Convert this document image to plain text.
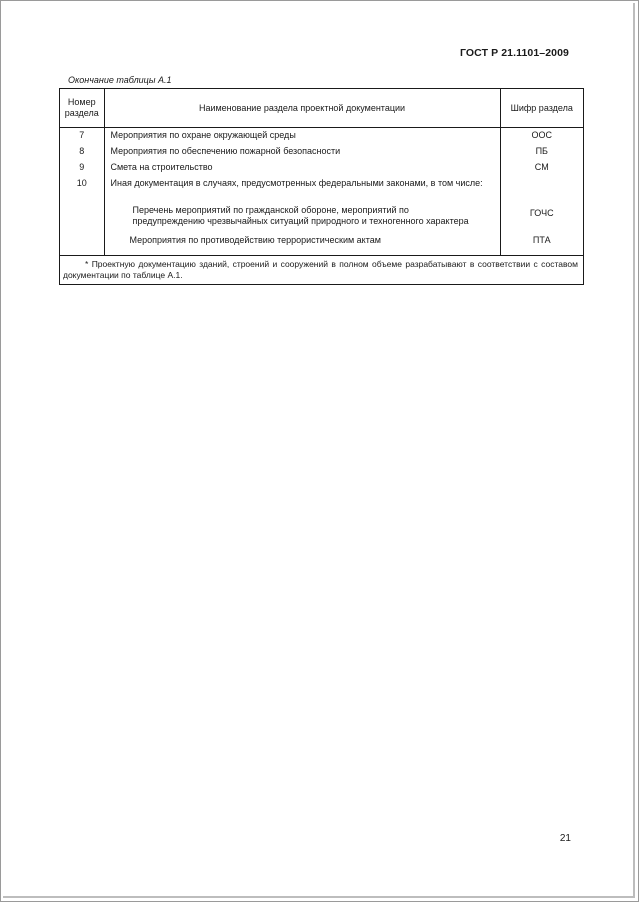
ГОСТ Р 21.1101–2009
Окончание таблицы А.1
Номер раздела	Наименование раздела проектной документации	Шифр раздела
7	Мероприятия по охране окружающей среды	ООС
8	Мероприятия по обеспечению пожарной безопасности	ПБ
9	Смета на строительство	СМ
10	Иная документация в случаях, предусмотренных федеральными законами, в том числе:	
	Перечень мероприятий по гражданской обороне, мероприятий по предупреждению чрезвычайных ситуаций природного и техногенного характера	ГОЧС
	Мероприятия по противодействию террористическим актам	ПТА
* Проектную документацию зданий, строений и сооружений в полном объеме разрабатывают в соответствии с составом документации по таблице А.1.
21
